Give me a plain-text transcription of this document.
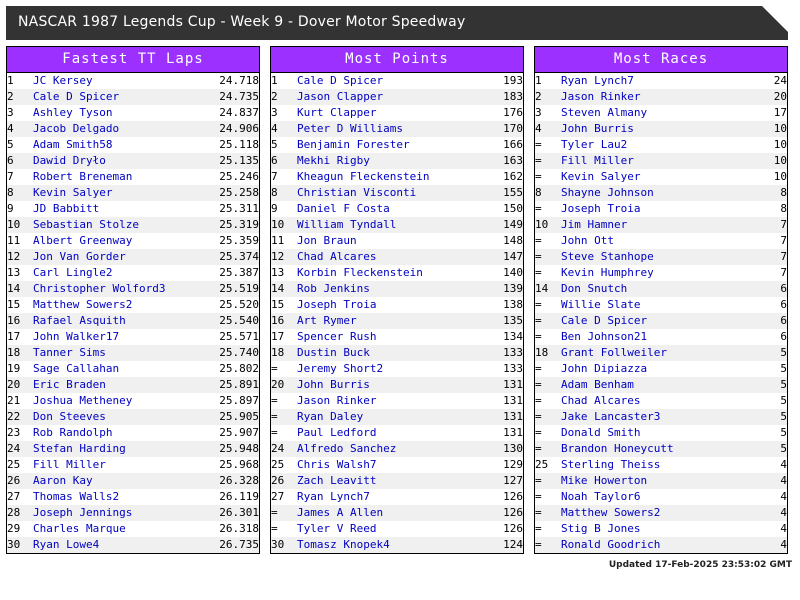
NASCAR 1987 Legends Cup - Week 9 - Dover Motor Speedway
Fastest TT Laps
1	JC Kersey	24.718
2	Cale D Spicer	24.735
3	Ashley Tyson	24.837
4	Jacob Delgado	24.906
5	Adam Smith58	25.118
6	Dawid Dryło	25.135
7	Robert Breneman	25.246
8	Kevin Salyer	25.258
9	JD Babbitt	25.311
10	Sebastian Stolze	25.319
11	Albert Greenway	25.359
12	Jon Van Gorder	25.374
13	Carl Lingle2	25.387
14	Christopher Wolford3	25.519
15	Matthew Sowers2	25.520
16	Rafael Asquith	25.540
17	John Walker17	25.571
18	Tanner Sims	25.740
19	Sage Callahan	25.802
20	Eric Braden	25.891
21	Joshua Metheney	25.897
22	Don Steeves	25.905
23	Rob Randolph	25.907
24	Stefan Harding	25.948
25	Fill Miller	25.968
26	Aaron Kay	26.328
27	Thomas Walls2	26.119
28	Joseph Jennings	26.301
29	Charles Marque	26.318
30	Ryan Lowe4	26.735
Most Points
1	Cale D Spicer	193
2	Jason Clapper	183
3	Kurt Clapper	176
4	Peter D Williams	170
5	Benjamin Forester	166
6	Mekhi Rigby	163
7	Kheagun Fleckenstein	162
8	Christian Visconti	155
9	Daniel F Costa	150
10	William Tyndall	149
11	Jon Braun	148
12	Chad Alcares	147
13	Korbin Fleckenstein	140
14	Rob Jenkins	139
15	Joseph Troia	138
16	Art Rymer	135
17	Spencer Rush	134
18	Dustin Buck	133
=	Jeremy Short2	133
20	John Burris	131
=	Jason Rinker	131
=	Ryan Daley	131
=	Paul Ledford	131
24	Alfredo Sanchez	130
25	Chris Walsh7	129
26	Zach Leavitt	127
27	Ryan Lynch7	126
=	James A Allen	126
=	Tyler V Reed	126
30	Tomasz Knopek4	124
Most Races
1	Ryan Lynch7	24
2	Jason Rinker	20
3	Steven Almany	17
4	John Burris	10
=	Tyler Lau2	10
=	Fill Miller	10
=	Kevin Salyer	10
8	Shayne Johnson	8
=	Joseph Troia	8
10	Jim Hamner	7
=	John Ott	7
=	Steve Stanhope	7
=	Kevin Humphrey	7
14	Don Snutch	6
=	Willie Slate	6
=	Cale D Spicer	6
=	Ben Johnson21	6
18	Grant Follweiler	5
=	John Dipiazza	5
=	Adam Benham	5
=	Chad Alcares	5
=	Jake Lancaster3	5
=	Donald Smith	5
=	Brandon Honeycutt	5
25	Sterling Theiss	4
=	Mike Howerton	4
=	Noah Taylor6	4
=	Matthew Sowers2	4
=	Stig B Jones	4
=	Ronald Goodrich	4
Updated 17-Feb-2025 23:53:02 GMT
